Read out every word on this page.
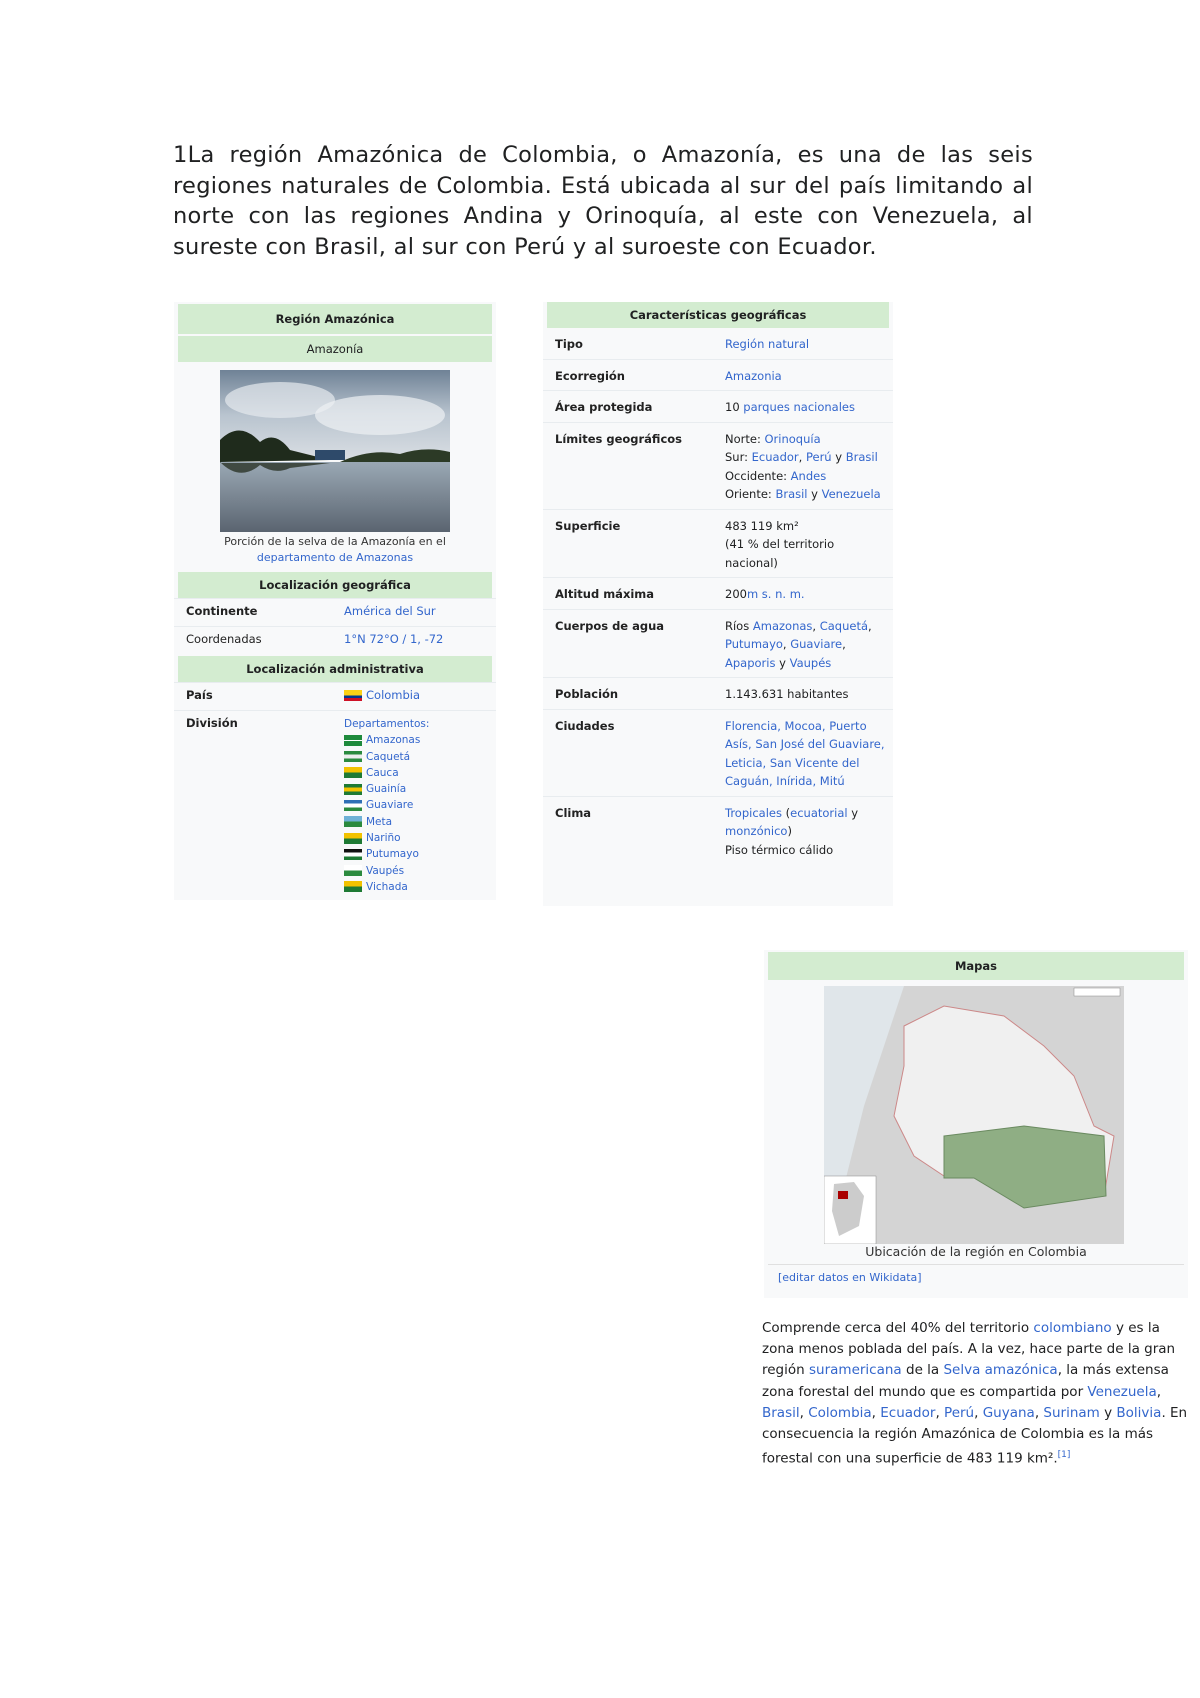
1La región Amazónica de Colombia, o Amazonía, es una de las seis regiones naturales de Colombia. Está ubicada al sur del país limitando al norte con las regiones Andina y Orinoquía, al este con Venezuela, al sureste con Brasil, al sur con Perú y al suroeste con Ecuador.
Región Amazónica
Amazonía
Porción de la selva de la Amazonía en el departamento de Amazonas
Localización geográfica
Continente	América del Sur
Coordenadas	1°N 72°O / 1, -72
Localización administrativa
País	Colombia
División	Departamentos:
Amazonas
Caquetá
Cauca
Guainía
Guaviare
Meta
Nariño
Putumayo
Vaupés
Vichada
Características geográficas
Tipo	Región natural
Ecorregión	Amazonia
Área protegida	10 parques nacionales
Límites geográficos	Norte: Orinoquía
Sur: Ecuador, Perú y Brasil
Occidente: Andes
Oriente: Brasil y Venezuela
Superficie	483 119 km²
(41 % del territorio nacional)
Altitud máxima	200m s. n. m.
Cuerpos de agua	Ríos Amazonas, Caquetá, Putumayo, Guaviare, Apaporis y Vaupés
Población	1.143.631 habitantes
Ciudades	Florencia, Mocoa, Puerto Asís, San José del Guaviare, Leticia, San Vicente del Caguán, Inírida, Mitú
Clima	Tropicales (ecuatorial y monzónico)
Piso térmico cálido
Mapas
Ubicación de la región en Colombia
[editar datos en Wikidata]
Comprende cerca del 40% del territorio colombiano y es la zona menos poblada del país. A la vez, hace parte de la gran región suramericana de la Selva amazónica, la más extensa zona forestal del mundo que es compartida por Venezuela, Brasil, Colombia, Ecuador, Perú, Guyana, Surinam y Bolivia. En consecuencia la región Amazónica de Colombia es la más forestal con una superficie de 483 119 km².[1]
